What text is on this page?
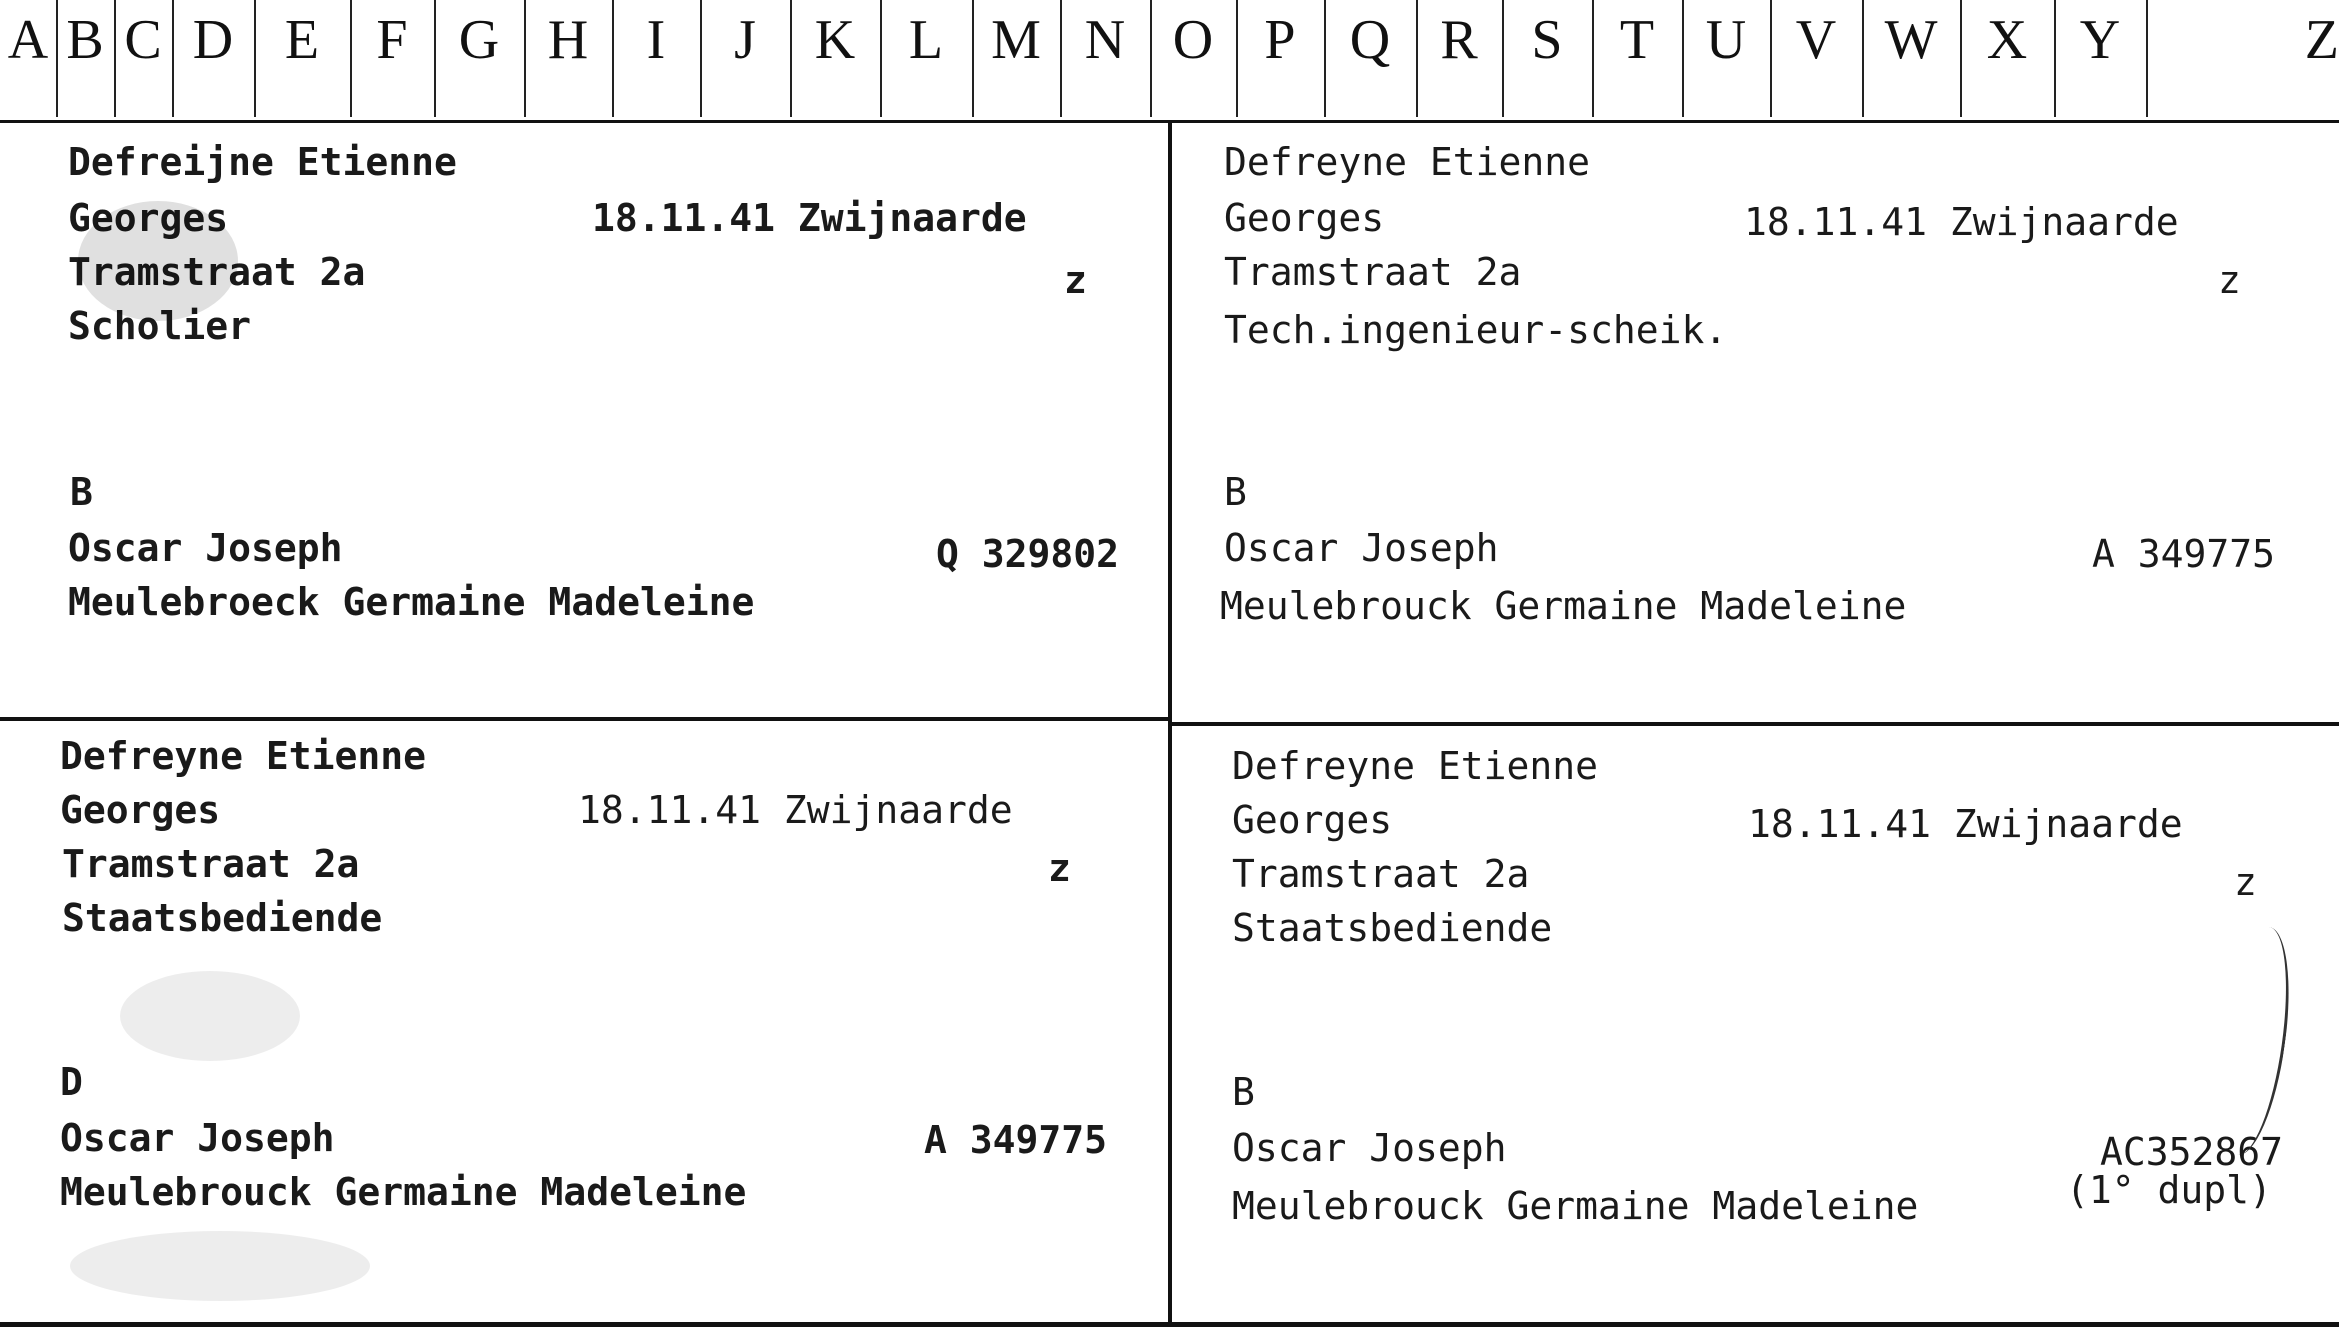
A B C D E	F G H	I	J	K L M N O P Q R S	T U V W X Y	Z
Defreijne Etienne
Georges	18.11.41 Zwijnaarde
Tramstraat 2a	z
Scholier
B
Oscar Joseph	Q 329802
Meulebroeck Germaine Madeleine
Defreyne Etienne
Georges	18.11.41 Zwijnaarde
Tramstraat 2a	z
Tech.ingenieur-scheik.
B
Oscar Joseph	A 349775
Meulebrouck Germaine Madeleine
Defreyne Etienne
Georges	18.11.41 Zwijnaarde
Tramstraat 2a	z
Staatsbediende
D
Oscar Joseph	A 349775
Meulebrouck Germaine Madeleine
Defreyne Etienne
Georges	18.11.41 Zwijnaarde
Tramstraat 2a	z
Staatsbediende
B
Oscar Joseph	AC352867
Meulebrouck Germaine Madeleine	(1° dupl)
